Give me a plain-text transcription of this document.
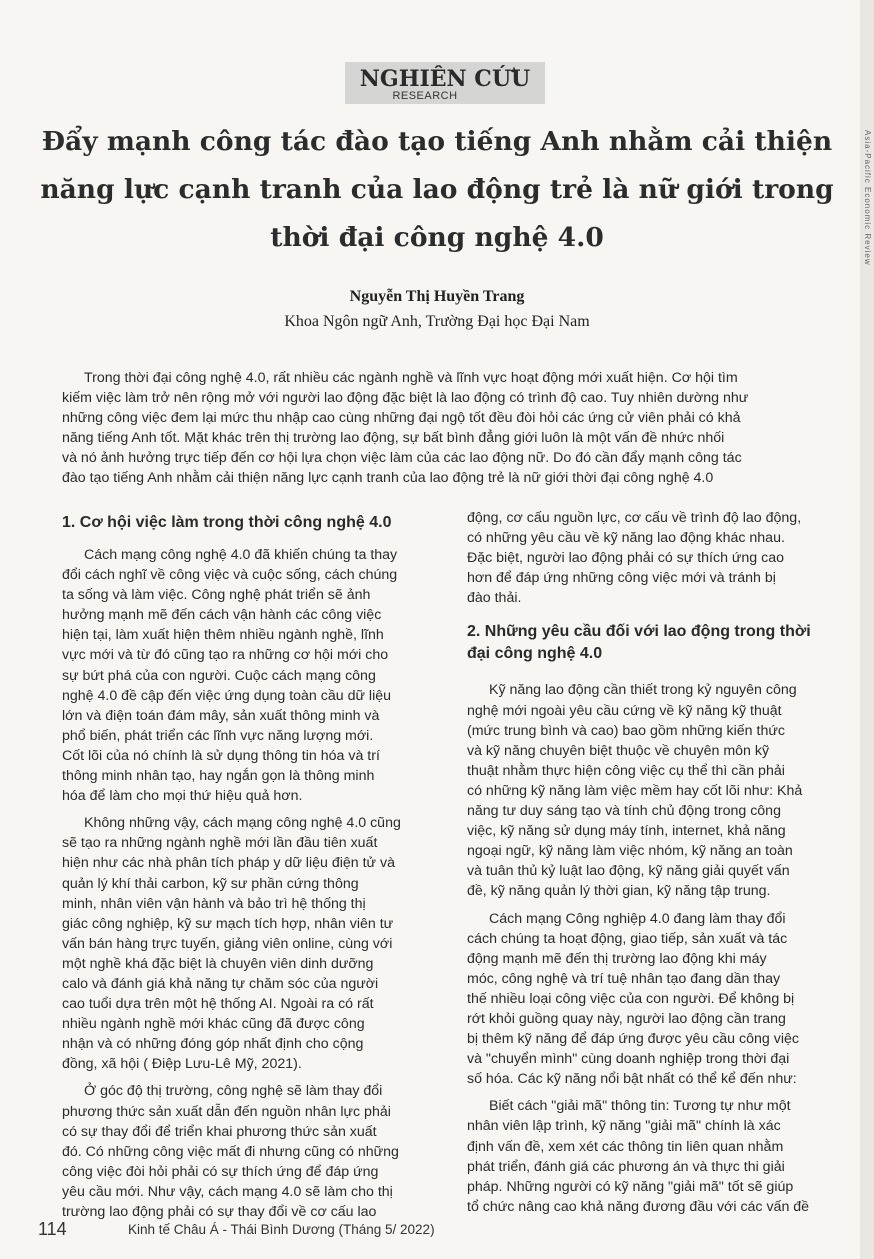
Asia-Pacific Economic Review
NGHIÊN CỨU
RESEARCH
Đẩy mạnh công tác đào tạo tiếng Anh nhằm cải thiện
năng lực cạnh tranh của lao động trẻ là nữ giới trong
thời đại công nghệ 4.0
Nguyễn Thị Huyền Trang
Khoa Ngôn ngữ Anh, Trường Đại học Đại Nam
Trong thời đại công nghệ 4.0, rất nhiều các ngành nghề và lĩnh vực hoạt động mới xuất hiện. Cơ hội tìm
kiếm việc làm trở nên rộng mở với người lao động đặc biệt là lao động có trình độ cao. Tuy nhiên dường như
những công việc đem lại mức thu nhập cao cùng những đại ngộ tốt đều đòi hỏi các ứng cử viên phải có khả
năng tiếng Anh tốt. Mặt khác trên thị trường lao động, sự bất bình đẳng giới luôn là một vấn đề nhức nhối
và nó ảnh hưởng trực tiếp đến cơ hội lựa chọn việc làm của các lao động nữ. Do đó cần đẩy mạnh công tác
đào tạo tiếng Anh nhằm cải thiện năng lực cạnh tranh của lao động trẻ là nữ giới thời đại công nghệ 4.0
1. Cơ hội việc làm trong thời công nghệ 4.0
Cách mạng công nghệ 4.0 đã khiến chúng ta thay
đổi cách nghĩ về công việc và cuộc sống, cách chúng
ta sống và làm việc. Công nghệ phát triển sẽ ảnh
hưởng mạnh mẽ đến cách vận hành các công việc
hiện tại, làm xuất hiện thêm nhiều ngành nghề, lĩnh
vực mới và từ đó cũng tạo ra những cơ hội mới cho
sự bứt phá của con người. Cuộc cách mạng công
nghệ 4.0 đề cập đến việc ứng dụng toàn cầu dữ liệu
lớn và điện toán đám mây, sản xuất thông minh và
phổ biến, phát triển các lĩnh vực năng lượng mới.
Cốt lõi của nó chính là sử dụng thông tin hóa và trí
thông minh nhân tạo, hay ngắn gọn là thông minh
hóa để làm cho mọi thứ hiệu quả hơn.
Không những vậy, cách mạng công nghệ 4.0 cũng
sẽ tạo ra những ngành nghề mới lần đầu tiên xuất
hiện như các nhà phân tích pháp y dữ liệu điện tử và
quản lý khí thải carbon, kỹ sư phần cứng thông
minh, nhân viên vận hành và bảo trì hệ thống thị
giác công nghiệp, kỹ sư mạch tích hợp, nhân viên tư
vấn bán hàng trực tuyến, giảng viên online, cùng với
một nghề khá đặc biệt là chuyên viên dinh dưỡng
calo và đánh giá khả năng tự chăm sóc của người
cao tuổi dựa trên một hệ thống AI. Ngoài ra có rất
nhiều ngành nghề mới khác cũng đã được công
nhận và có những đóng góp nhất định cho cộng
đồng, xã hội ( Điệp Lưu-Lê Mỹ, 2021).
Ở góc độ thị trường, công nghệ sẽ làm thay đổi
phương thức sản xuất dẫn đến nguồn nhân lực phải
có sự thay đổi để triển khai phương thức sản xuất
đó. Có những công việc mất đi nhưng cũng có những
công việc đòi hỏi phải có sự thích ứng để đáp ứng
yêu cầu mới. Như vậy, cách mạng 4.0 sẽ làm cho thị
trường lao động phải có sự thay đổi về cơ cấu lao
động, cơ cấu nguồn lực, cơ cấu về trình độ lao động,
có những yêu cầu về kỹ năng lao động khác nhau.
Đặc biệt, người lao động phải có sự thích ứng cao
hơn để đáp ứng những công việc mới và tránh bị
đào thải.
2. Những yêu cầu đối với lao động trong thời
đại công nghệ 4.0
Kỹ năng lao động cần thiết trong kỷ nguyên công
nghệ mới ngoài yêu cầu cứng về kỹ năng kỹ thuật
(mức trung bình và cao) bao gồm những kiến thức
và kỹ năng chuyên biệt thuộc về chuyên môn kỹ
thuật nhằm thực hiện công việc cụ thể thì cần phải
có những kỹ năng làm việc mềm hay cốt lõi như: Khả
năng tư duy sáng tạo và tính chủ động trong công
việc, kỹ năng sử dụng máy tính, internet, khả năng
ngoại ngữ, kỹ năng làm việc nhóm, kỹ năng an toàn
và tuân thủ kỷ luật lao động, kỹ năng giải quyết vấn
đề, kỹ năng quản lý thời gian, kỹ năng tập trung.
Cách mạng Công nghiệp 4.0 đang làm thay đổi
cách chúng ta hoạt động, giao tiếp, sản xuất và tác
động mạnh mẽ đến thị trường lao động khi máy
móc, công nghệ và trí tuệ nhân tạo đang dần thay
thế nhiều loại công việc của con người. Để không bị
rớt khỏi guồng quay này, người lao động cần trang
bị thêm kỹ năng để đáp ứng được yêu cầu công việc
và "chuyển mình" cùng doanh nghiệp trong thời đại
số hóa. Các kỹ năng nổi bật nhất có thể kể đến như:
Biết cách "giải mã" thông tin: Tương tự như một
nhân viên lập trình, kỹ năng "giải mã" chính là xác
định vấn đề, xem xét các thông tin liên quan nhằm
phát triển, đánh giá các phương án và thực thi giải
pháp. Những người có kỹ năng "giải mã" tốt sẽ giúp
tổ chức nâng cao khả năng đương đầu với các vấn đề
114	Kinh tế Châu Á - Thái Bình Dương (Tháng 5/ 2022)
